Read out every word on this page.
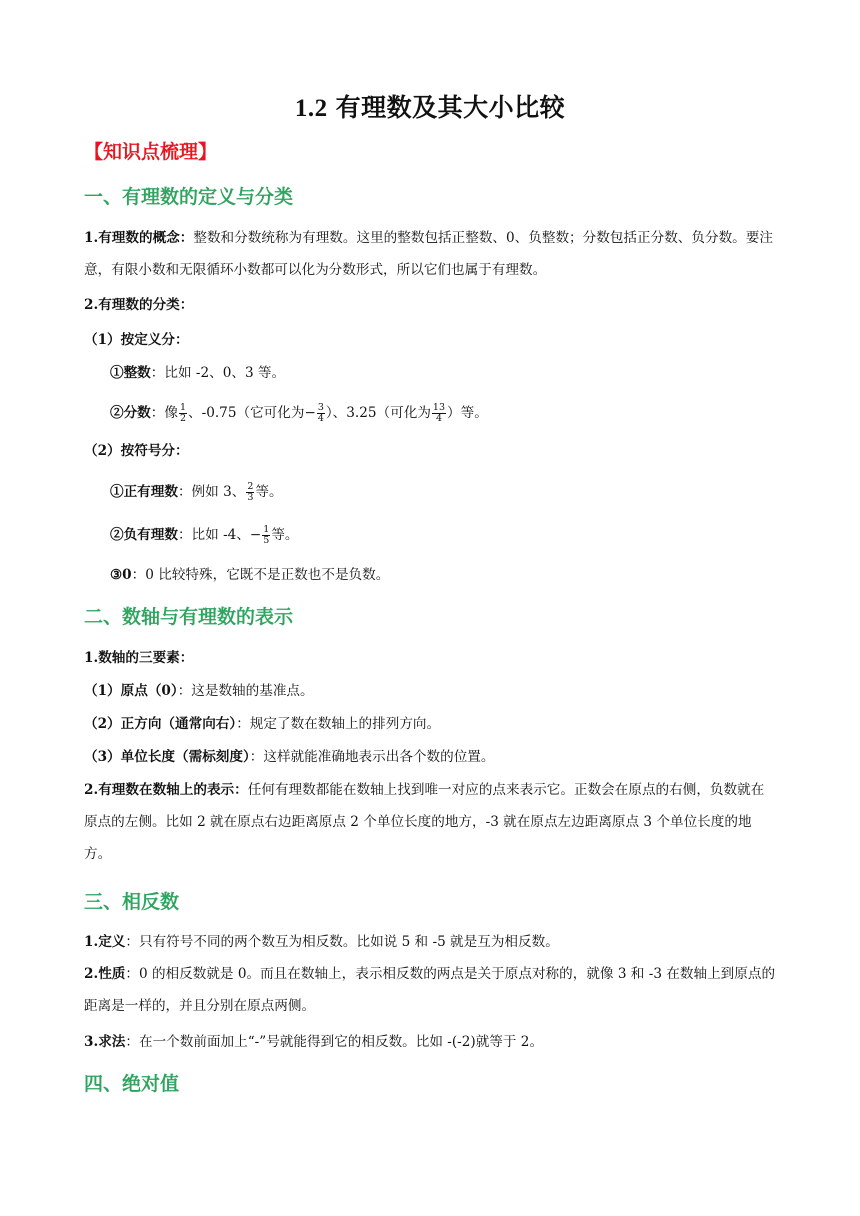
1.2 有理数及其大小比较
【知识点梳理】
一、有理数的定义与分类

1.有理数的概念：整数和分数统称为有理数。这里的整数包括正整数、0、负整数；分数包括正分数、负分数。要注意，有限小数和无限循环小数都可以化为分数形式，所以它们也属于有理数。

2.有理数的分类：

（1）按定义分：

①整数：比如 -2、0、3 等。

②分数：像 $\frac{1}{2}$ 、-0.75（它可化为− $\frac{3}{4}$ ）、3.25（可化为 $\frac{13}{4}$ ）等。

（2）按符号分：

①正有理数：例如 3、 $\frac{2}{3}$ 等。

②负有理数：比如 -4、− $\frac{1}{5}$ 等。

③0：0 比较特殊，它既不是正数也不是负数。

二、数轴与有理数的表示

1.数轴的三要素：

（1）原点（0）：这是数轴的基准点。

（2）正方向（通常向右）：规定了数在数轴上的排列方向。

（3）单位长度（需标刻度）：这样就能准确地表示出各个数的位置。

2.有理数在数轴上的表示：任何有理数都能在数轴上找到唯一对应的点来表示它。正数会在原点的右侧，负数就在原点的左侧。比如 2 就在原点右边距离原点 2 个单位长度的地方，-3 就在原点左边距离原点 3 个单位长度的地方。

三、相反数

1.定义：只有符号不同的两个数互为相反数。比如说 5 和 -5 就是互为相反数。

2.性质：0 的相反数就是 0。而且在数轴上，表示相反数的两点是关于原点对称的，就像 3 和 -3 在数轴上到原点的距离是一样的，并且分别在原点两侧。

3.求法：在一个数前面加上“-”号就能得到它的相反数。比如 -(-2)就等于 2。

四、绝对值
